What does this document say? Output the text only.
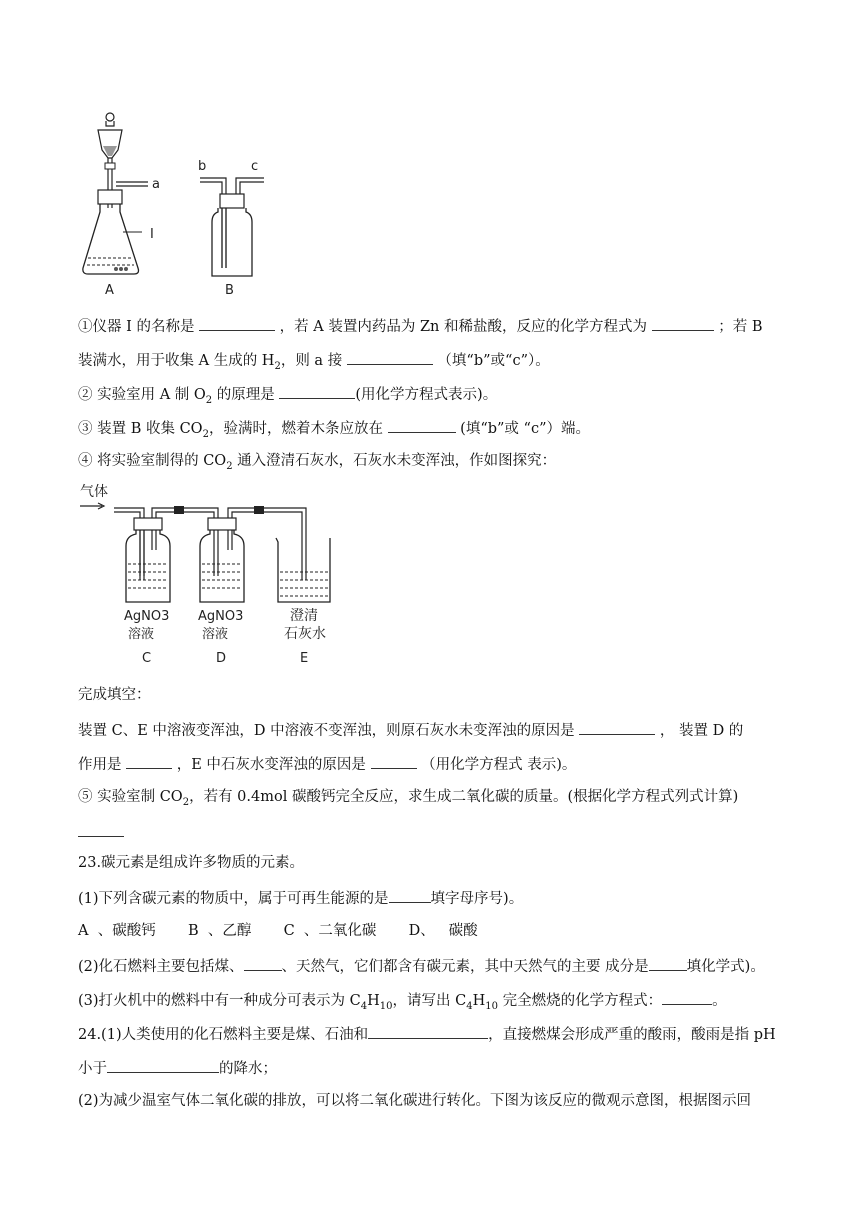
a
I
A
b	c
B
①仪器 I 的名称是	，若 A 装置内药品为 Zn 和稀盐酸，反应的化学方程式为	；若 B
装满水，用于收集 A 生成的 $H_2$，则 a 接	（填“b”或“c”）。
② 实验室用 A 制 $O_2$ 的原理是	(用化学方程式表示)。
③ 装置 B 收集 $CO_2$，验满时，燃着木条应放在	(填“b”或 “c”）端。
④ 将实验室制得的 $CO_2$ 通入澄清石灰水，石灰水未变浑浊，作如图探究：
气体
AgNO3
溶液
C
AgNO3
溶液
D
澄清
石灰水
E
完成填空：
装置 C、E 中溶液变浑浊，D 中溶液不变浑浊，则原石灰水未变浑浊的原因是	， 装置 D 的
作用是	，E 中石灰水变浑浊的原因是	（用化学方程式 表示)。
⑤ 实验室制 $CO_2$，若有 0.4mol 碳酸钙完全反应，求生成二氧化碳的质量。(根据化学方程式列式计算)
23.碳元素是组成许多物质的元素。
(1)下列含碳元素的物质中，属于可再生能源的是	填字母序号)。
A  、碳酸钙       B  、乙醇       C  、二氧化碳       D、   碳酸
(2)化石燃料主要包括煤、	、天然气，它们都含有碳元素，其中天然气的主要 成分是	填化学式)。
(3)打火机中的燃料中有一种成分可表示为 $C_4H_{10}$，请写出 $C_4H_{10}$ 完全燃烧的化学方程式：	。
24.(1)人类使用的化石燃料主要是煤、石油和	，直接燃煤会形成严重的酸雨，酸雨是指 pH
小于	的降水；
(2)为减少温室气体二氧化碳的排放，可以将二氧化碳进行转化。下图为该反应的微观示意图，根据图示回
